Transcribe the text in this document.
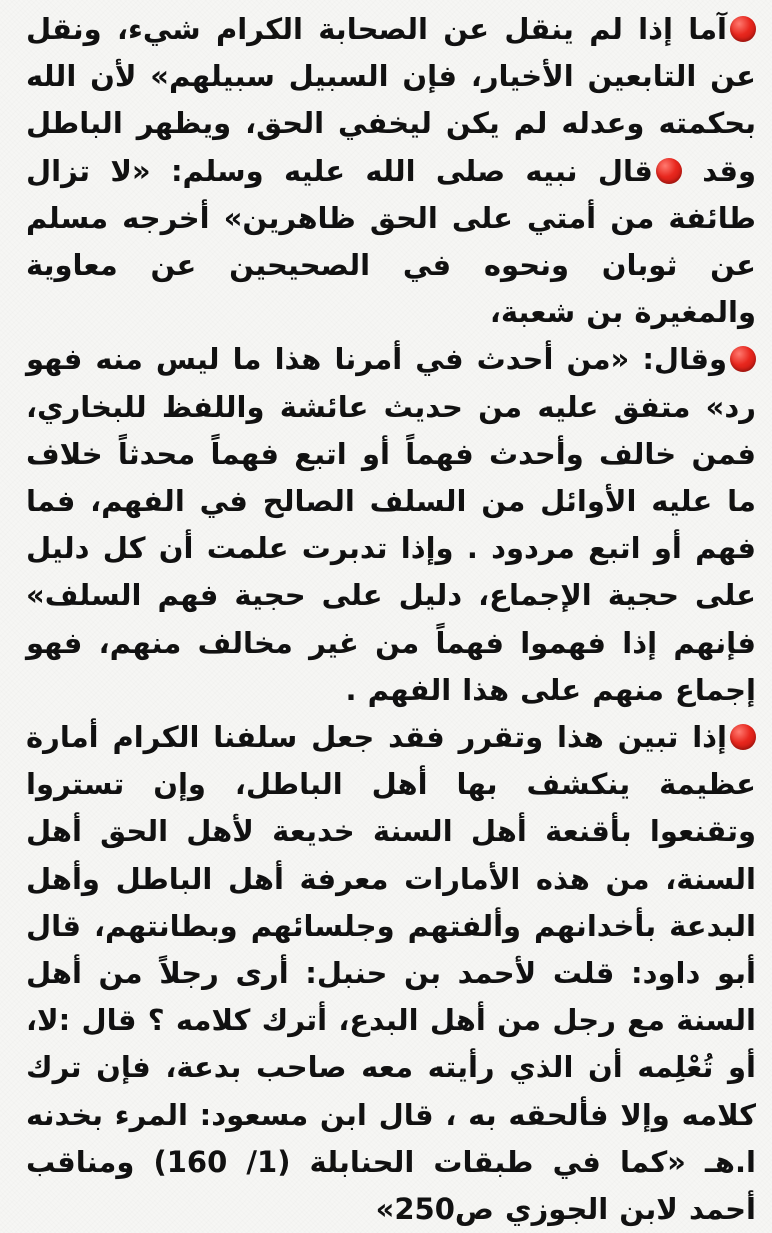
آما إذا لم ينقل عن الصحابة الكرام شيء، ونقل عن التابعين الأخيار، فإن السبيل سبيلهم» لأن الله بحكمته وعدله لم يكن ليخفي الحق، ويظهر الباطل وقد قال نبيه صلى الله عليه وسلم: «لا تزال طائفة من أمتي على الحق ظاهرين» أخرجه مسلم عن ثوبان ونحوه في الصحيحين عن معاوية والمغيرة بن شعبة،
وقال: «من أحدث في أمرنا هذا ما ليس منه فهو رد» متفق عليه من حديث عائشة واللفظ للبخاري، فمن خالف وأحدث فهماً أو اتبع فهماً محدثاً خلاف ما عليه الأوائل من السلف الصالح في الفهم، فما فهم أو اتبع مردود . وإذا تدبرت علمت أن كل دليل على حجية الإجماع، دليل على حجية فهم السلف» فإنهم إذا فهموا فهماً من غير مخالف منهم، فهو إجماع منهم على هذا الفهم .
إذا تبين هذا وتقرر فقد جعل سلفنا الكرام أمارة عظيمة ينكشف بها أهل الباطل، وإن تستروا وتقنعوا بأقنعة أهل السنة خديعة لأهل الحق أهل السنة، من هذه الأمارات معرفة أهل الباطل وأهل البدعة بأخدانهم وألفتهم وجلسائهم وبطانتهم، قال أبو داود: قلت لأحمد بن حنبل: أرى رجلاً من أهل السنة مع رجل من أهل البدع، أترك كلامه ؟ قال :لا، أو تُعْلِمه أن الذي رأيته معه صاحب بدعة، فإن ترك كلامه وإلا فألحقه به ، قال ابن مسعود: المرء بخدنه ا.هـ «كما في طبقات الحنابلة (1/ 160) ومناقب أحمد لابن الجوزي ص250»
